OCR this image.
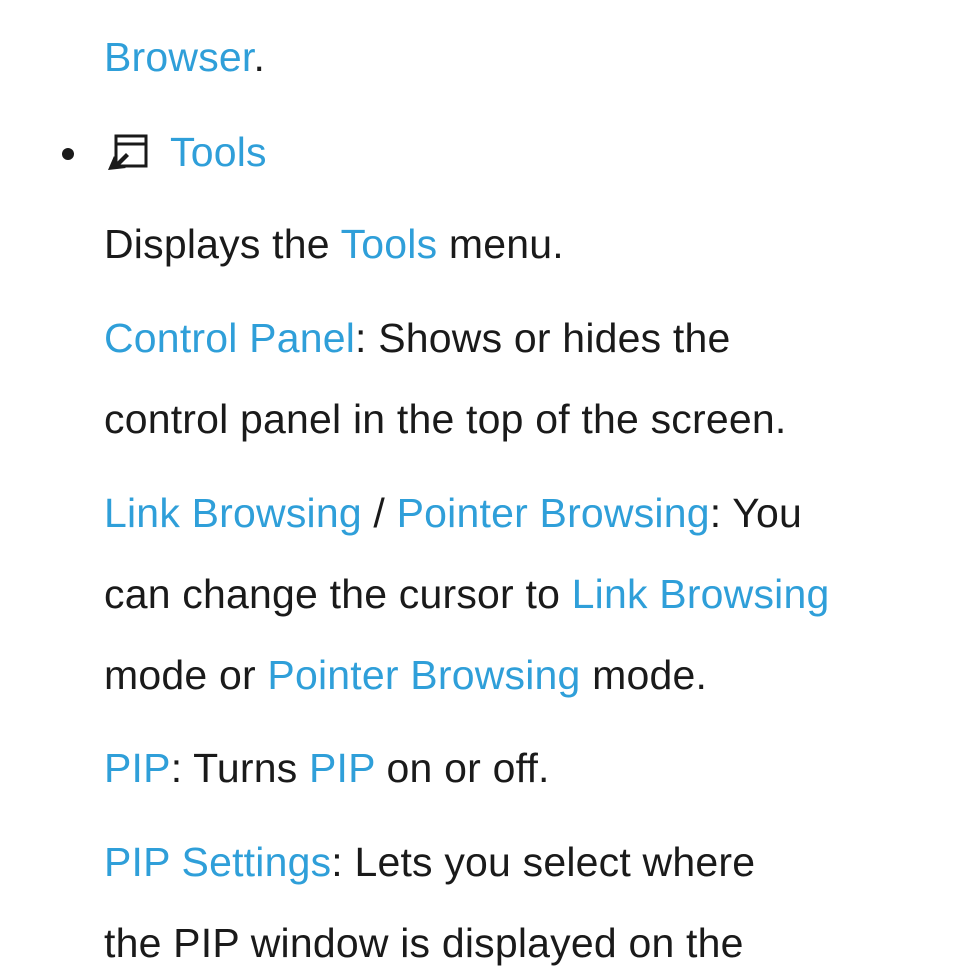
Browser.
Tools
Displays the Tools menu.
Control Panel: Shows or hides the
control panel in the top of the screen.
Link Browsing / Pointer Browsing: You
can change the cursor to Link Browsing
mode or Pointer Browsing mode.
PIP: Turns PIP on or off.
PIP Settings: Lets you select where
the PIP window is displayed on the
